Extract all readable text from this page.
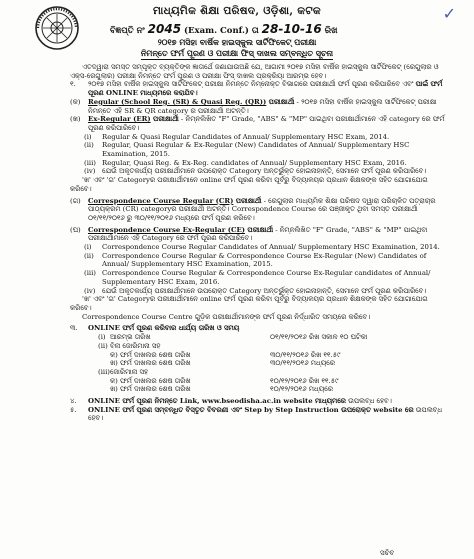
✓
ମାଧ୍ୟମିକ ଶିକ୍ଷା ପରିଷଦ, ଓଡ଼ିଶା, କଟକ
ବିଜ୍ଞପ୍ତି ନଂ 2045 (Exam. Conf.) ତା 28-10-16 ରିଖ
୨୦୧୭ ମସିହା ବାର୍ଷିକ ହାଇସ୍କୁଲ ସାର୍ଟିଫିକେଟ୍ ପରୀକ୍ଷା
ନିମନ୍ତେ ଫର୍ମ ପୂରଣ ଓ ପରୀକ୍ଷା ଫିସ୍ ଦାଖଲ ସମ୍ବନ୍ଧିତ ସୂଚନା

ଏତଦ୍ୱାରା ସମସ୍ତ ସମ୍ପୃକ୍ତ ବ୍ୟକ୍ତିଙ୍କ ଜ୍ଞାତାର୍ଥେ ଜଣାଯାଉଅଛି ଯେ, ଆଗାମୀ ୨୦୧୭ ମସିହା ବାର୍ଷିକ ହାଇସ୍କୁଲ ସାର୍ଟିଫିକେଟ୍ (ରେଗୁଲାର ଓ ଏକ୍ସ-ରେଗୁଲାର) ପରୀକ୍ଷା ନିମନ୍ତେ ଫର୍ମ ପୂରଣ ଓ ପରୀକ୍ଷା ଫିସ୍ ଦାଖଲ ପ୍ରକ୍ରିୟା ଆରମ୍ଭ ହେବ।

୧.	୨୦୧୭ ମସିହା ବାର୍ଷିକ ହାଇସ୍କୁଲ ସାର୍ଟିଫିକେଟ୍ ପରୀକ୍ଷା ନିମନ୍ତେ ନିମ୍ନୋକ୍ତ ବିଭାଗରେ ପରୀକ୍ଷାର୍ଥୀ ଫର୍ମ ପୂରଣ କରିପାରିବେ ଏବଂ ପାଇଁ ଫର୍ମ ପୂରଣ ONLINE ମାଧ୍ୟମରେ କରାଯିବ।
(କ)	Regular (School Reg. (SR) & Quasi Reg. (QR)) ପରୀକ୍ଷାର୍ଥୀ - ୨୦୧୭ ମସିହା ବାର୍ଷିକ ହାଇସ୍କୁଲ ସାର୍ଟିଫିକେଟ୍ ପରୀକ୍ଷା ନିମନ୍ତେ ଏହି SR & QR category ର ପରୀକ୍ଷାର୍ଥୀ ଅଟନ୍ତି।
(ଖ)	Ex-Regular (ER) ପରୀକ୍ଷାର୍ଥୀ - ନିମ୍ନଲିଖିତ "F" Grade, "ABS" & "MP" ପାଇଥିବା ପରୀକ୍ଷାର୍ଥୀମାନେ ଏହି category ରେ ଫର୍ମ ପୂରଣ କରିପାରିବେ।
(i)	Regular & Quasi Regular Candidates of Annual/ Supplementary HSC Exam, 2014.
(ii)	Regular, Quasi Regular & Ex-Regular (New) Candidates of Annual/ Supplementary HSC Examination, 2015.
(iii) Regular, Quasi Reg. & Ex-Reg. candidates of Annual/ Supplementary HSC Exam, 2016.
(iv) ଯେଉଁ ଅକୃତକାର୍ଯ୍ୟ ପରୀକ୍ଷାର୍ଥୀମାନେ ଉପରୋକ୍ତ Category ଅନ୍ତର୍ଭୁକ୍ତ ହୋଇନାହାନ୍ତି, ସେମାନେ ଫର୍ମ ପୂରଣ କରିପାରିବେ।

'ଖ' ଏବଂ 'ଗ' Categoryର ପରୀକ୍ଷାର୍ଥୀମାନେ online ଫର୍ମ ପୂରଣ କରିବା ପୂର୍ବରୁ ବିଦ୍ୟାଳୟର ପ୍ରଧାନ ଶିକ୍ଷକଙ୍କ ସହିତ ଯୋଗାଯୋଗ କରିବେ।

(ଗ)	Correspondence Course Regular (CR) ପରୀକ୍ଷାର୍ଥୀ - ରେଗୁଲାର ମାଧ୍ୟମିକ ଶିକ୍ଷା ପରିଷଦ ଦ୍ୱାରା ପରିଚାଳିତ ପତ୍ରାଚାର ପାଠ୍ୟକ୍ରମ (CR) categoryର ପରୀକ୍ଷାର୍ଥୀ ଅଟନ୍ତି। Correspondence Course ରେ ପଞ୍ଜୀକୃତ ଥିବା ସମସ୍ତ ପରୀକ୍ଷାର୍ଥୀ ୦୧/୧୧/୨୦୧୬ ରୁ ୩୦/୧୧/୨୦୧୬ ମଧ୍ୟରେ ଫର୍ମ ପୂରଣ କରିବେ।
(ଘ)	Correspondence Course Ex-Regular (CE) ପରୀକ୍ଷାର୍ଥୀ - ନିମ୍ନଲିଖିତ "F" Grade, "ABS" & "MP" ପାଇଥିବା ପରୀକ୍ଷାର୍ଥୀମାନେ ଏହି Category ରେ ଫର୍ମ ପୂରଣ କରିପାରିବେ।
(i)	Correspondence Course Regular Candidates of Annual/ Supplementary HSC Examination, 2014.
(ii)	Correspondence Course Regular & Correspondence Course Ex-Regular (New) Candidates of Annual/ Supplementary HSC Examination, 2015.
(iii) Correspondence Course Regular & Correspondence Course Ex-Regular candidates of Annual/ Supplementary HSC Exam, 2016.
(iv) ଯେଉଁ ଅକୃତକାର୍ଯ୍ୟ ପରୀକ୍ଷାର୍ଥୀମାନେ ଉପରୋକ୍ତ Category ଅନ୍ତର୍ଭୁକ୍ତ ହୋଇନାହାନ୍ତି, ସେମାନେ ଫର୍ମ ପୂରଣ କରିପାରିବେ।

'ଖ' ଏବଂ 'ଗ' Categoryର ପରୀକ୍ଷାର୍ଥୀମାନେ online ଫର୍ମ ପୂରଣ କରିବା ପୂର୍ବରୁ ବିଦ୍ୟାଳୟର ପ୍ରଧାନ ଶିକ୍ଷକଙ୍କ ସହିତ ଯୋଗାଯୋଗ କରିବେ।

Correspondence Course Centre ଗୁଡ଼ିକ ପରୀକ୍ଷାର୍ଥୀମାନଙ୍କ ଫର୍ମ ପୂରଣ ନିର୍ଦ୍ଧାରିତ ସମୟରେ କରିବେ।

୩.	ONLINE ଫର୍ମ ପୂରଣ କରିବାର ଧାର୍ଯ୍ୟ ତାରିଖ ଓ ସମୟ
(i) ଆରମ୍ଭ ତାରିଖ	୦୧/୧୧/୨୦୧୬ ରିଖ ସକାଳ ୧୦ ଘଟିକା
(ii) ବିନା ଜୋରିମାନା ସହ
କ) ଫର୍ମ ଦାଖଲର ଶେଷ ତାରିଖ	୩୦/୧୧/୨୦୧୬ ରିଖ ୧୧.୫୯
ଖ) ଫର୍ମ ଦାଖଲର ଶେଷ ତାରିଖ	୩୦/୧୧/୨୦୧୬ ମଧ୍ୟରେ
(iii) ଜୋରିମାନା ସହ
କ) ଫର୍ମ ଦାଖଲର ଶେଷ ତାରିଖ	୧୦/୧୨/୨୦୧୬ ରିଖ ୧୧.୫୯
ଖ) ଫର୍ମ ଦାଖଲର ଶେଷ ତାରିଖ	୧୦/୧୨/୨୦୧୬ ମଧ୍ୟରେ
୪.	ONLINE ଫର୍ମ ପୂରଣ ନିମନ୍ତେ Link, www.bseodisha.ac.in website ମାଧ୍ୟମରେ ଉପଲବ୍ଧ ହେବ।
୫.	ONLINE ଫର୍ମ ପୂରଣ ସମ୍ବନ୍ଧିତ ବିସ୍ତୃତ ବିବରଣୀ ଏବଂ Step by Step Instruction ଉପରୋକ୍ତ website ରେ ଉପଲବ୍ଧ ହେବ।
ସଚିବ
